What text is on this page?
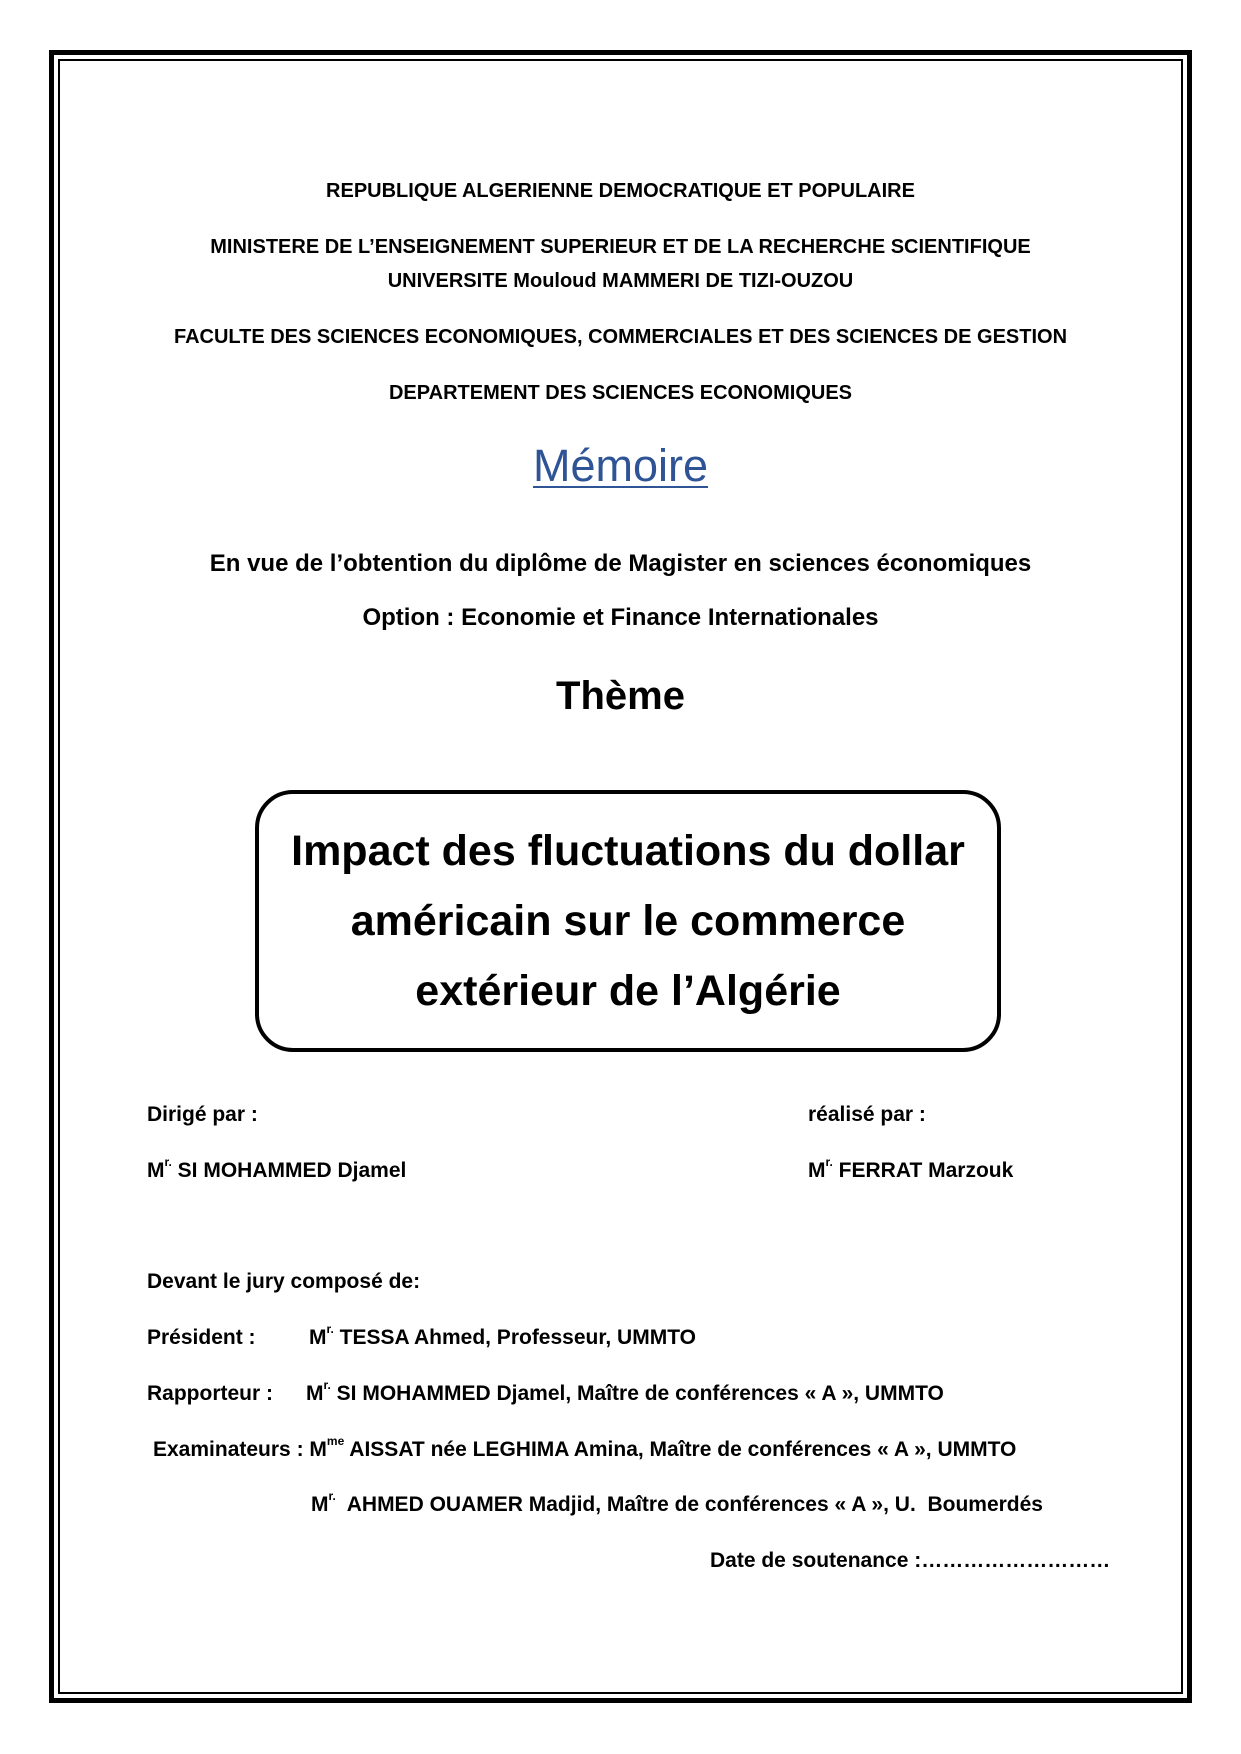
REPUBLIQUE ALGERIENNE DEMOCRATIQUE ET POPULAIRE
MINISTERE DE L’ENSEIGNEMENT SUPERIEUR ET DE LA RECHERCHE SCIENTIFIQUE
UNIVERSITE Mouloud MAMMERI DE TIZI-OUZOU
FACULTE DES SCIENCES ECONOMIQUES, COMMERCIALES ET DES SCIENCES DE GESTION
DEPARTEMENT DES SCIENCES ECONOMIQUES
Mémoire
En vue de l’obtention du diplôme de Magister en sciences économiques
Option : Economie et Finance Internationales
Thème
Impact des fluctuations du dollar
américain sur le commerce
extérieur de l’Algérie
Dirigé par :	réalisé par :
$M^{r.}$ SI MOHAMMED Djamel	$M^{r.}$ FERRAT Marzouk
Devant le jury composé de:
Président :	$M^{r.}$ TESSA Ahmed, Professeur, UMMTO
Rapporteur : $M^{r.}$ SI MOHAMMED Djamel, Maître de conférences « A », UMMTO
Examinateurs : $M^{me}$ AISSAT née LEGHIMA Amina, Maître de conférences « A », UMMTO
$M^{r.}$  AHMED OUAMER Madjid, Maître de conférences « A », U.  Boumerdés
Date de soutenance :………………………
